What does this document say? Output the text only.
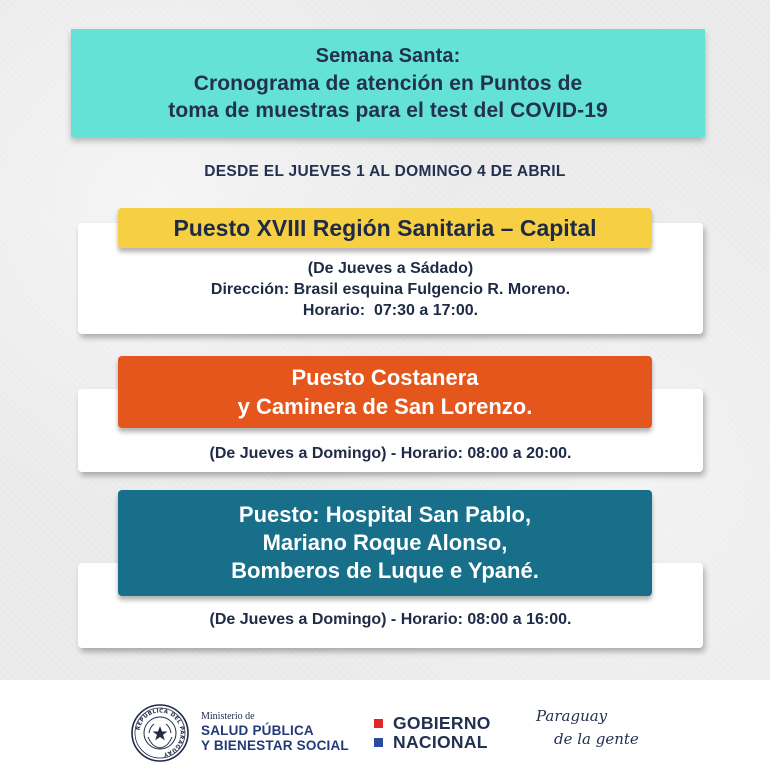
Semana Santa:
Cronograma de atención en Puntos de
toma de muestras para el test del COVID-19
DESDE EL JUEVES 1 AL DOMINGO 4 DE ABRIL
(De Jueves a Sádado)
Dirección: Brasil esquina Fulgencio R. Moreno.
Horario:  07:30 a 17:00.
Puesto XVIII Región Sanitaria – Capital
(De Jueves a Domingo) - Horario: 08:00 a 20:00.
Puesto Costanera
y Caminera de San Lorenzo.
(De Jueves a Domingo) - Horario: 08:00 a 16:00.
Puesto: Hospital San Pablo,
Mariano Roque Alonso,
Bomberos de Luque e Ypané.
REPUBLICA DEL PARAGUAY
Ministerio de
SALUD PÚBLICA
Y BIENESTAR SOCIAL
GOBIERNO
NACIONAL
Paraguay
de la gente
